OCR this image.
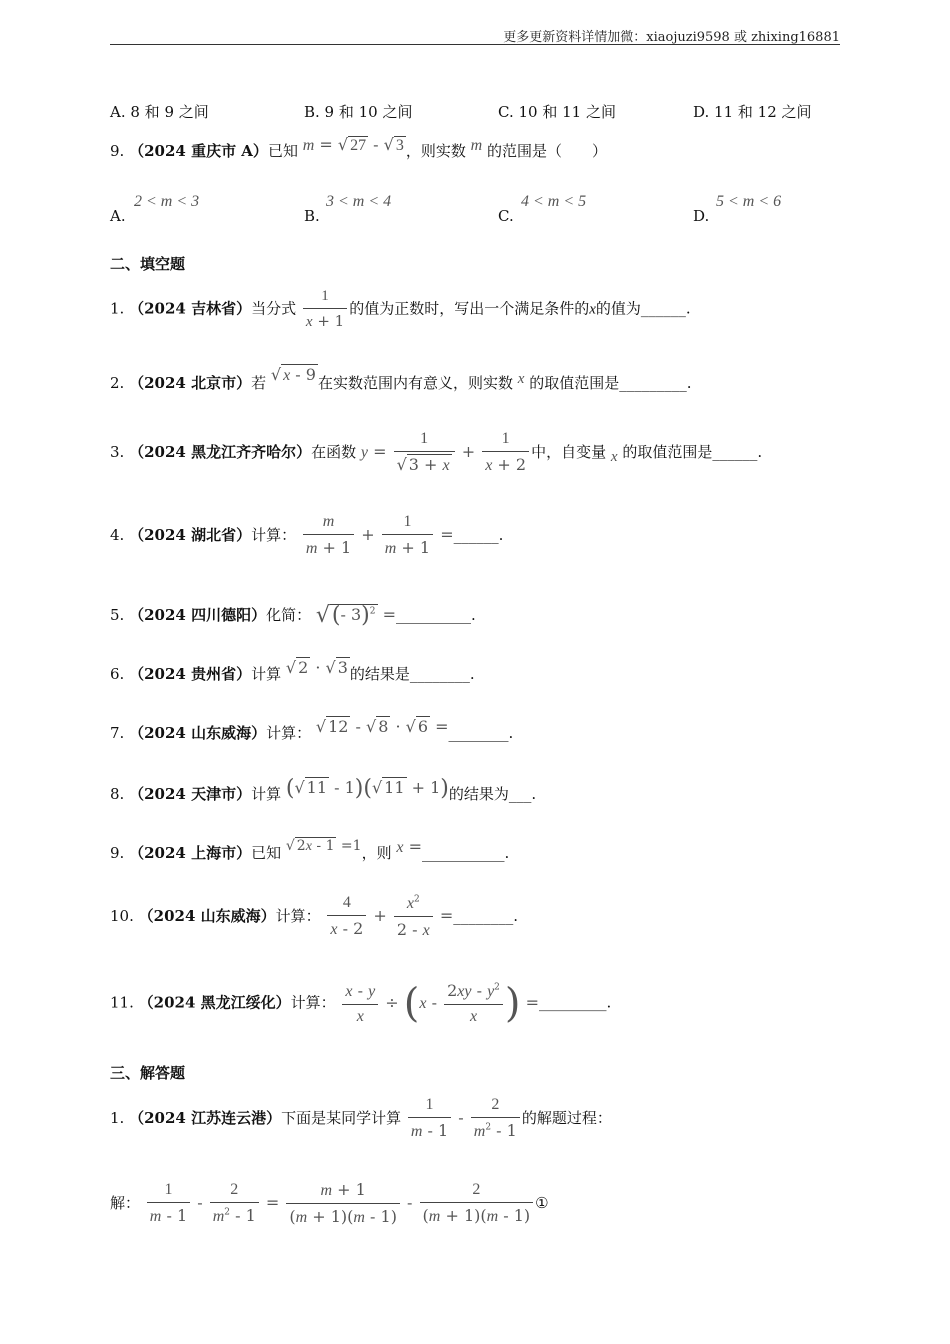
更多更新资料详情加微：xiaojuzi9598 或 zhixing16881
A. 8 和 9 之间	B. 9 和 10 之间	C. 10 和 11 之间	D. 11 和 12 之间
9. （2024 重庆市 A）已知 m = √ 27 - √ 3 ，则实数 m 的范围是（　　）
A.
2 < m < 3
B.
3 < m < 4
C.
4 < m < 5
D.
5 < m < 6
二、填空题
1. （2024 吉林省）当分式 $\frac{1}{x + 1}$ 的值为正数时，写出一个满足条件的x的值为______.
2. （2024 北京市）若 √ x - 9 在实数范围内有意义，则实数 x 的取值范围是_________.
3. （2024 黑龙江齐齐哈尔）在函数 $y = \frac{1}{√ 3 + x} + \frac{1}{x + 2}$ 中，自变量 x 的取值范围是______.
4. （2024 湖北省）计算： $\frac{m}{m + 1} + \frac{1}{m + 1}$ =______.
5. （2024 四川德阳）化简： √(- 3)$^2$ =__________.
6. （2024 贵州省）计算 √ 2 · √ 3 的结果是________.
7. （2024 山东威海）计算： √ 12 - √ 8 · √ 6 =________.
8. （2024 天津市）计算 (√ 11 - 1)(√ 11 + 1)的结果为___.
9. （2024 上海市）已知 √ 2x - 1 =1，则 x =___________.
10. （2024 山东威海）计算： $\frac{4}{x - 2} + \frac{x^2}{2 - x}$ =________.
11. （2024 黑龙江绥化）计算： $\frac{x - y}{x} \div (x - \frac{2xy - y^2}{x}$ ) =_________.
三、解答题
1. （2024 江苏连云港）下面是某同学计算 $\frac{1}{m - 1} - \frac{2}{m^2 - 1}$ 的解题过程：
解： $\frac{1}{m - 1} - \frac{2}{m^2 - 1} = \frac{m + 1}{(m + 1)(m - 1)} - \frac{2}{(m + 1)(m - 1)}$ ①
